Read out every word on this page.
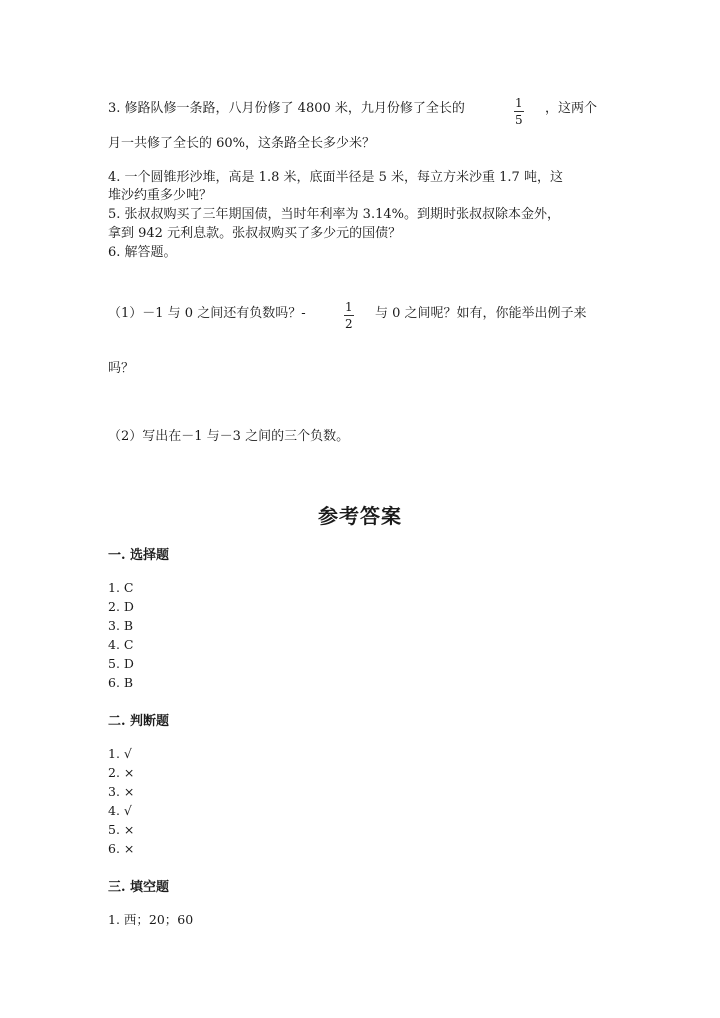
3. 修路队修一条路，八月份修了 4800 米，九月份修了全长的	1
5
，这两个
月一共修了全长的 60%，这条路全长多少米？
4. 一个圆锥形沙堆，高是 1.8 米，底面半径是 5 米，每立方米沙重 1.7 吨，这
堆沙约重多少吨？
5. 张叔叔购买了三年期国债，当时年利率为 3.14%。到期时张叔叔除本金外，
拿到 942 元利息款。张叔叔购买了多少元的国债？
6. 解答题。
（1）－1 与 0 之间还有负数吗？-	1
2
与 0 之间呢？如有，你能举出例子来
吗？
（2）写出在－1 与－3 之间的三个负数。
参考答案
一. 选择题
1. C
2. D
3. B
4. C
5. D
6. B
二. 判断题
1. √
2. ×
3. ×
4. √
5. ×
6. ×
三. 填空题
1. 西；20；60
